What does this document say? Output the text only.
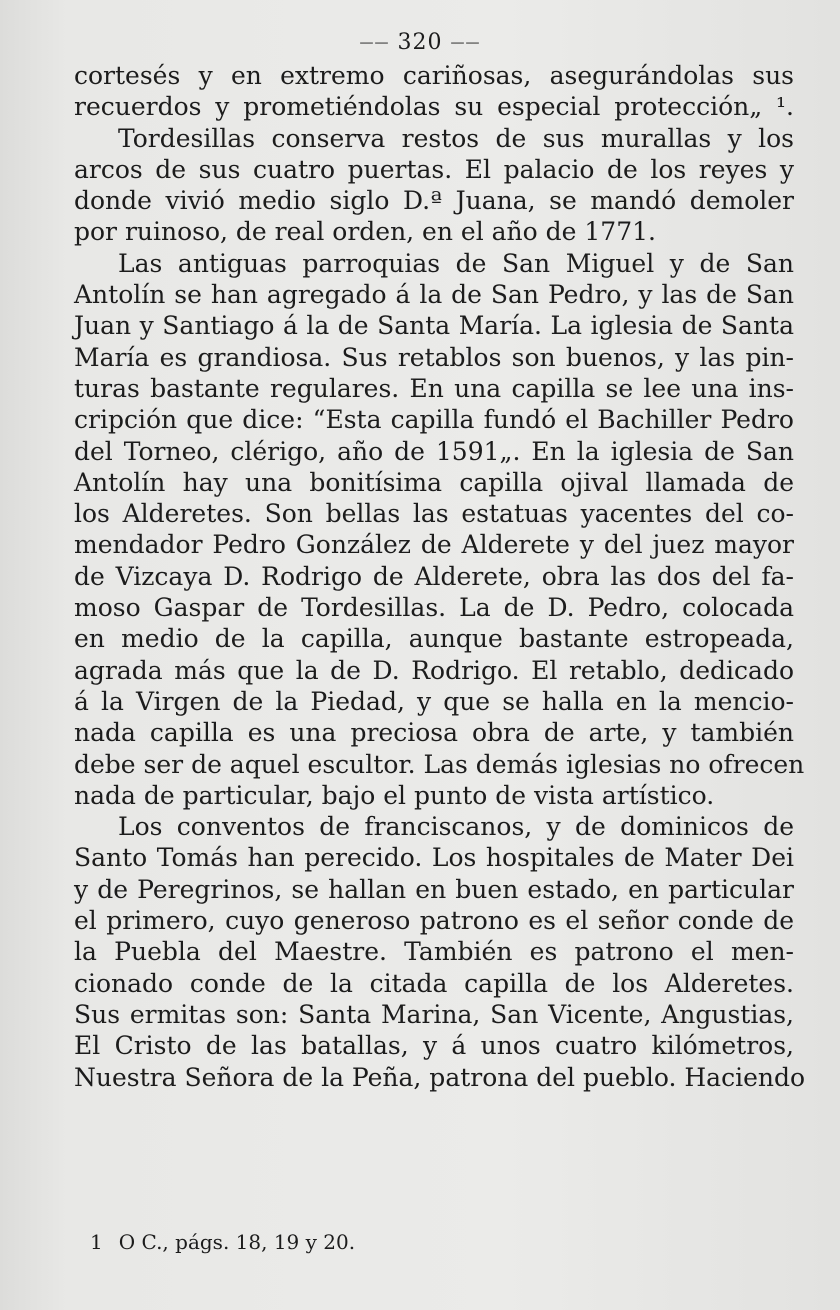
—— 320 ——
cortesés y en extremo cariñosas, asegurándolas sus
recuerdos y prometiéndolas su especial protección„ ¹.
Tordesillas conserva restos de sus murallas y los
arcos de sus cuatro puertas. El palacio de los reyes y
donde vivió medio siglo D.ª Juana, se mandó demoler
por ruinoso, de real orden, en el año de 1771.
Las antiguas parroquias de San Miguel y de San
Antolín se han agregado á la de San Pedro, y las de San
Juan y Santiago á la de Santa María. La iglesia de Santa
María es grandiosa. Sus retablos son buenos, y las pin-
turas bastante regulares. En una capilla se lee una ins-
cripción que dice: “Esta capilla fundó el Bachiller Pedro
del Torneo, clérigo, año de 1591„. En la iglesia de San
Antolín hay una bonitísima capilla ojival llamada de
los Alderetes. Son bellas las estatuas yacentes del co-
mendador Pedro González de Alderete y del juez mayor
de Vizcaya D. Rodrigo de Alderete, obra las dos del fa-
moso Gaspar de Tordesillas. La de D. Pedro, colocada
en medio de la capilla, aunque bastante estropeada,
agrada más que la de D. Rodrigo. El retablo, dedicado
á la Virgen de la Piedad, y que se halla en la mencio-
nada capilla es una preciosa obra de arte, y también
debe ser de aquel escultor. Las demás iglesias no ofrecen
nada de particular, bajo el punto de vista artístico.
Los conventos de franciscanos, y de dominicos de
Santo Tomás han perecido. Los hospitales de Mater Dei
y de Peregrinos, se hallan en buen estado, en particular
el primero, cuyo generoso patrono es el señor conde de
la Puebla del Maestre. También es patrono el men-
cionado conde de la citada capilla de los Alderetes.
Sus ermitas son: Santa Marina, San Vicente, Angustias,
El Cristo de las batallas, y á unos cuatro kilómetros,
Nuestra Señora de la Peña, patrona del pueblo. Haciendo
1 O C., págs. 18, 19 y 20.
